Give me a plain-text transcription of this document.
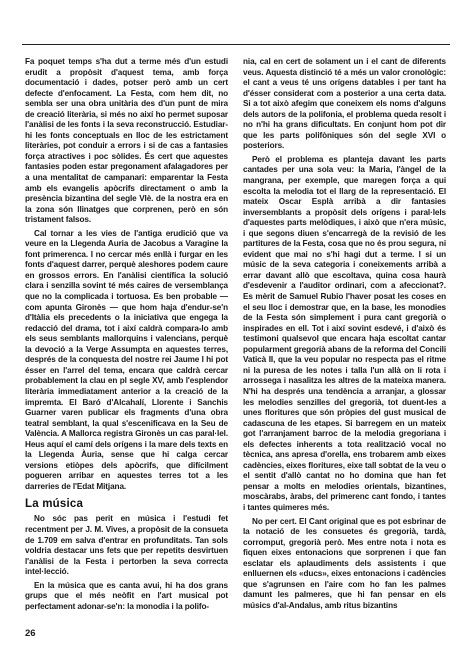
Fa poquet temps s'ha dut a terme més d'un estudi erudit a propòsit d'aquest tema, amb força documentació i dades, potser però amb un cert defecte d'enfocament. La Festa, com hem dit, no sembla ser una obra unitària des d'un punt de mira de creació literària, si més no així ho permet suposar l'anàlisi de les fonts i la seva reconstrucció. Estudiar-hi les fonts conceptuals en lloc de les estrictament literàries, pot conduir a errors i si de cas a fantasies força atractives i poc sòlides. És cert que aquestes fantasies poden estar pregonament afalagadores per a una mentalitat de campanari: emparentar la Festa amb els evangelis apòcrifs directament o amb la presència bizantina del segle VIè. de la nostra era en la zona són llinatges que corprenen, però en són tristament falsos.

Cal tornar a les vies de l'antiga erudició que va veure en la Llegenda Auria de Jacobus a Varagine la font primerenca. I no cercar més enllà i furgar en les fonts d'aquest darrer, perquè aleshores podem caure en grossos errors. En l'anàlisi científica la solució clara i senzilla sovint té més caires de versemblança que no la complicada i tortuosa. Es ben probable — com apunta Gironès — que hom haja d'endur-se'n d'Itàlia els precedents o la iniciativa que engega la redacció del drama, tot i així caldrà compara-lo amb els seus semblants mallorquins i valencians, perquè la devoció a la Verge Assumpta en aquestes terres, després de la conquesta del nostre rei Jaume I hi pot ésser en l'arrel del tema, encara que caldrà cercar probablement la clau en pl segle XV, amb l'esplendor literària immediatament anterior a la creació de la impremta. El Baró d'Alcahalí, Llorente i Sanchis Guarner varen publicar els fragments d'una obra teatral semblant, la qual s'escenificava en la Seu de València. A Mallorca registra Gironès un cas paral·lel. Heus aquí el camí dels orígens i la mare dels texts en la Llegenda Àuria, sense que hi calga cercar versions etiòpes dels apòcrifs, que difícilment pogueren arribar en aquestes terres tot a les darreries de l'Edat Mitjana.

La música

No sóc pas perit en música i l'estudi fet recentment per J. M. Vives, a propòsit de la consueta de 1.709 em salva d'entrar en profunditats. Tan sols voldria destacar uns fets que per repetits desvirtuen l'anàlisi de la Festa i pertorben la seva correcta intel·lecció.

En la música que es canta avui, hi ha dos grans grups que el més neòfit en l'art musical pot perfectament adonar-se'n: la monodia i la polifo-

nia, cal en cert de solament un i el cant de diferents veus. Aquesta distinció té a més un valor cronològic: el cant a veus té uns orígens datables i per tant ha d'ésser considerat com a posterior a una certa data. Si a tot això afegim que coneixem els noms d'alguns dels autors de la polifonia, el problema queda resolt i no n'hi ha grans dificultats. En conjunt hom pot dir que les parts polifòniques són del segle XVI o posteriors.

Però el problema es planteja davant les parts cantades per una sola veu: la Maria, l'àngel de la mangrana, per exemple, que maregen força a qui escolta la melodia tot el llarg de la representació. El mateix Oscar Esplà arribà a dir fantasies inversemblants a propòsit dels orígens i paral·lels d'aquestes parts melòdiques, i això que n'era músic, i que segons diuen s'encarregà de la revisió de les partitures de la Festa, cosa que no és prou segura, ni evident que mai no s'hi hagi dut a terme. I si un músic de la seva categoria i coneixements arribà a errar davant allò que escoltava, quina cosa haurà d'esdevenir a l'auditor ordinari, com a afeccionat?. Es mèrit de Samuel Rubio l'haver posat les coses en el seu lloc i demostrar que, en la base, les monodies de la Festa són simplement i pura cant gregorià o inspirades en ell. Tot i així sovint esdevé, i d'això és testimoni qualsevol que encara haja escoltat cantar popularment gregorià abans de la reforma del Concili Vaticà II, que la veu popular no respecta pas el ritme ni la puresa de les notes i talla l'un allà on li rota i arrossega i nasalitza les altres de la mateixa manera. N'hi ha després una tendència a arranjar, a glossar les melodies senzilles del gregorià, tot duent-les a unes floritures que són pròpies del gust musical de cadascuna de les etapes. Si barregem en un mateix got l'arranjament barroc de la melodia gregoriana i els defectes inherents a tota realització vocal no tècnica, ans apresa d'orella, ens trobarem amb eixes cadències, eixes floritures, eixe tall sobtat de la veu o el sentit d'allò cantat no ho domina que han fet pensar a molts en melodies orientals, bizantines, moscàrabs, àrabs, del primerenc cant fondo, i tantes i tantes quimeres més.

No per cert. El Cant original que es pot esbrinar de la notació de les consuetes és gregorià, tardà, corromput, gregorià però. Mes entre nota i nota es fiquen eixes entonacions que sorprenen i que fan esclatar els aplaudiments dels assistents i que enlluernen els «ducs», eixes entonacions i cadències que s'agrunsen en l'aire com ho fan les palmes damunt les palmeres, que hi fan pensar en els músics d'al-Andalus, amb ritus bizantins

26
